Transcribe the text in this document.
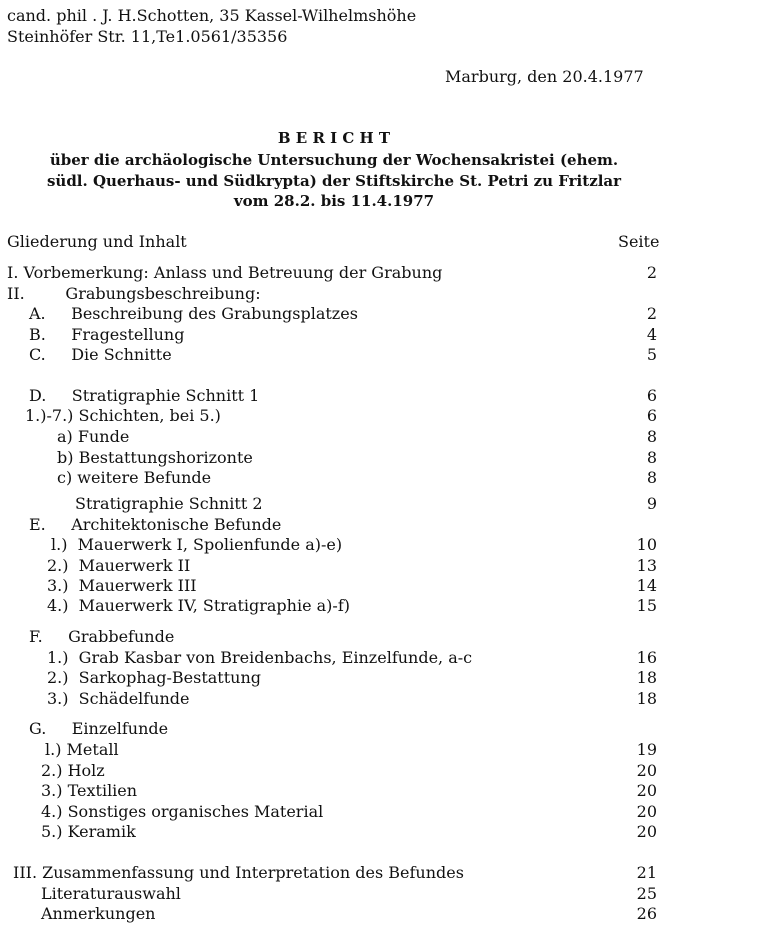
cand. phil . J. H.Schotten, 35 Kassel-Wilhelmshöhe
Steinhöfer Str. 11,Te1.0561/35356
Marburg, den 20.4.1977
B E R I C H T
über die archäologische Untersuchung der Wochensakristei (ehem.
südl. Querhaus- und Südkrypta) der Stiftskirche St. Petri zu Fritzlar
vom 28.2. bis 11.4.1977
Gliederung und Inhalt	Seite
I. Vorbemerkung: Anlass und Betreuung der Grabung	2
II.        Grabungsbeschreibung:
A.     Beschreibung des Grabungsplatzes	2
B.     Fragestellung	4
C.     Die Schnitte	5
D.     Stratigraphie Schnitt 1	6
1.)-7.) Schichten, bei 5.)	6
a) Funde	8
b) Bestattungshorizonte	8
c) weitere Befunde	8
Stratigraphie Schnitt 2	9
E.     Architektonische Befunde
l.)  Mauerwerk I, Spolienfunde a)-e)	10
2.)  Mauerwerk II	13
3.)  Mauerwerk III	14
4.)  Mauerwerk IV, Stratigraphie a)-f)	15
F.     Grabbefunde
1.)  Grab Kasbar von Breidenbachs, Einzelfunde, a-c	16
2.)  Sarkophag-Bestattung	18
3.)  Schädelfunde	18
G.     Einzelfunde
l.) Metall	19
2.) Holz	20
3.) Textilien	20
4.) Sonstiges organisches Material	20
5.) Keramik	20
III. Zusammenfassung und Interpretation des Befundes	21
Literaturauswahl	25
Anmerkungen	26
